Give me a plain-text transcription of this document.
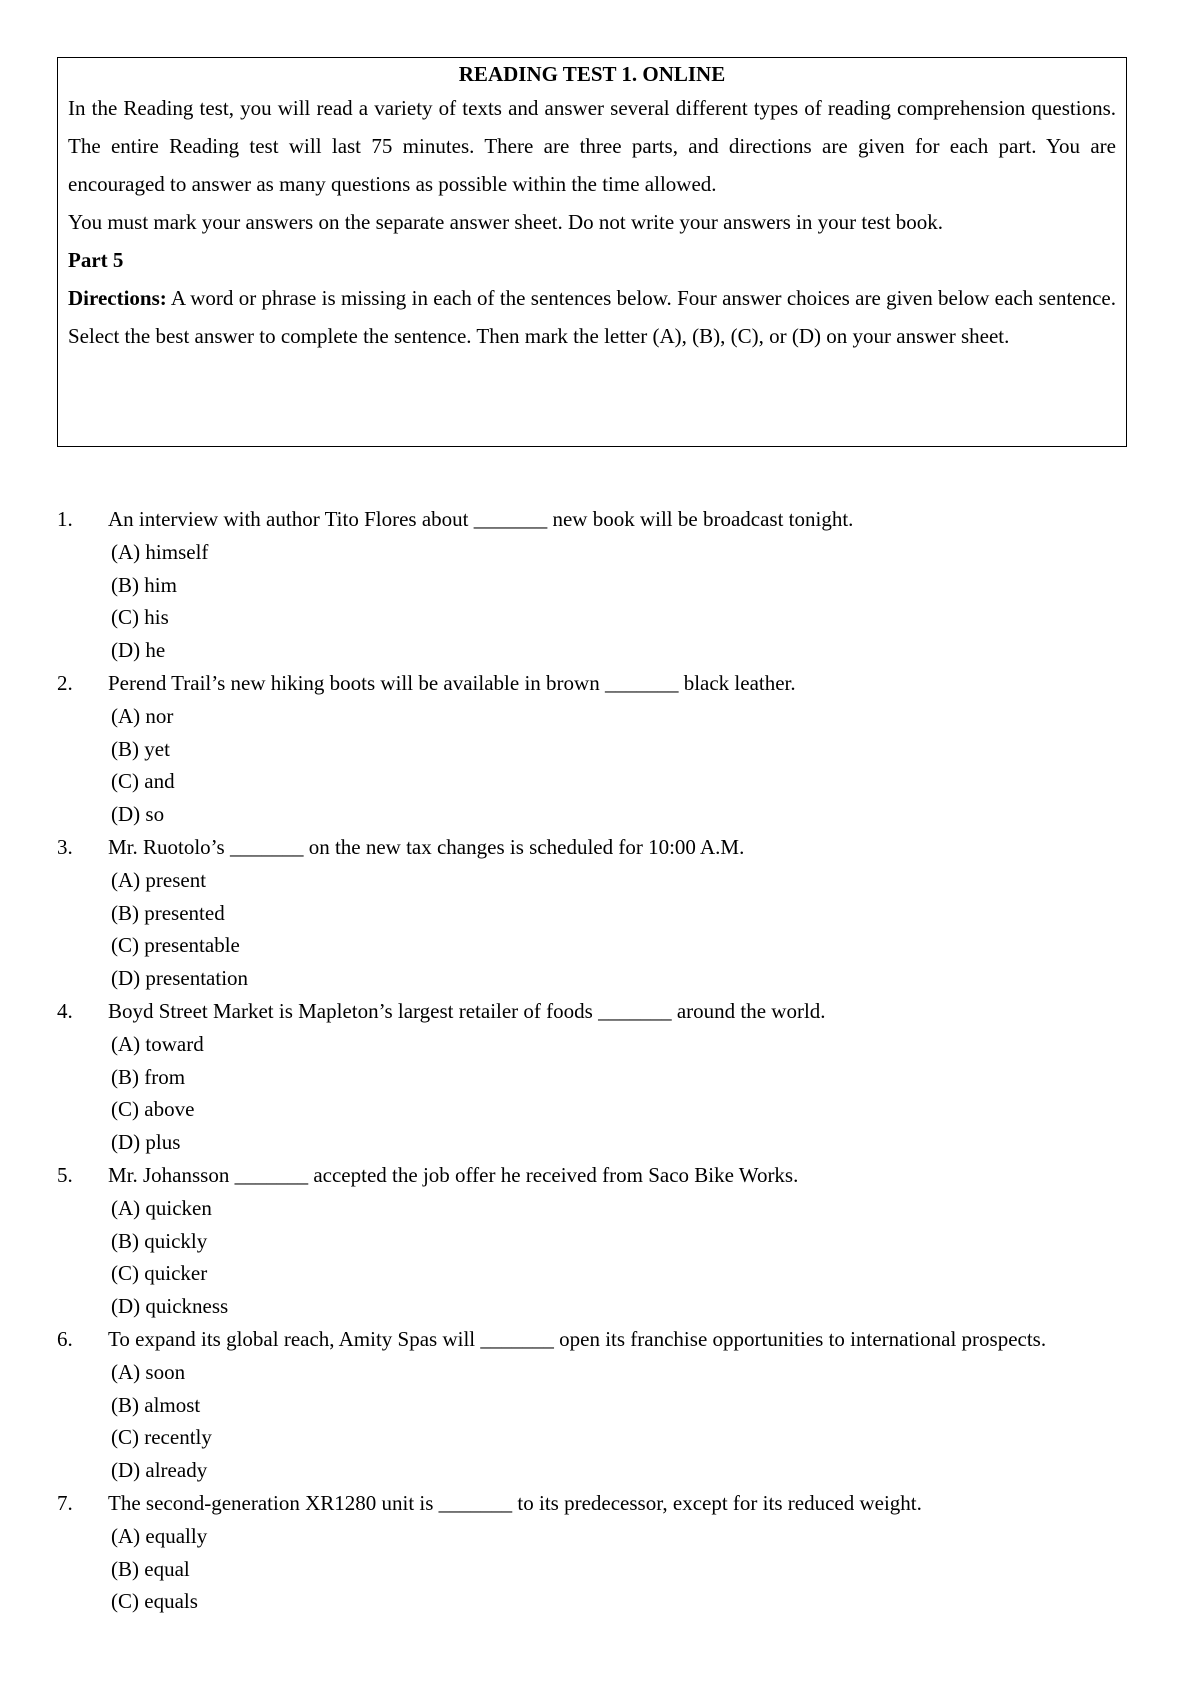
READING TEST 1. ONLINE

In the Reading test, you will read a variety of texts and answer several different types of reading comprehension questions. The entire Reading test will last 75 minutes. There are three parts, and directions are given for each part. You are encouraged to answer as many questions as possible within the time allowed.

You must mark your answers on the separate answer sheet. Do not write your answers in your test book.

Part 5

Directions: A word or phrase is missing in each of the sentences below. Four answer choices are given below each sentence. Select the best answer to complete the sentence. Then mark the letter (A), (B), (C), or (D) on your answer sheet.

1.	An interview with author Tito Flores about _______ new book will be broadcast tonight.
(A) himself
(B) him
(C) his
(D) he
2.	Perend Trail’s new hiking boots will be available in brown _______ black leather.
(A) nor
(B) yet
(C) and
(D) so
3.	Mr. Ruotolo’s _______ on the new tax changes is scheduled for 10:00 A.M.
(A) present
(B) presented
(C) presentable
(D) presentation
4.	Boyd Street Market is Mapleton’s largest retailer of foods _______ around the world.
(A) toward
(B) from
(C) above
(D) plus
5.	Mr. Johansson _______ accepted the job offer he received from Saco Bike Works.
(A) quicken
(B) quickly
(C) quicker
(D) quickness

6. To expand its global reach, Amity Spas will _______ open its franchise opportunities to international prospects.

(A) soon
(B) almost
(C) recently
(D) already
7.	The second-generation XR1280 unit is _______ to its predecessor, except for its reduced weight.
(A) equally
(B) equal
(C) equals
